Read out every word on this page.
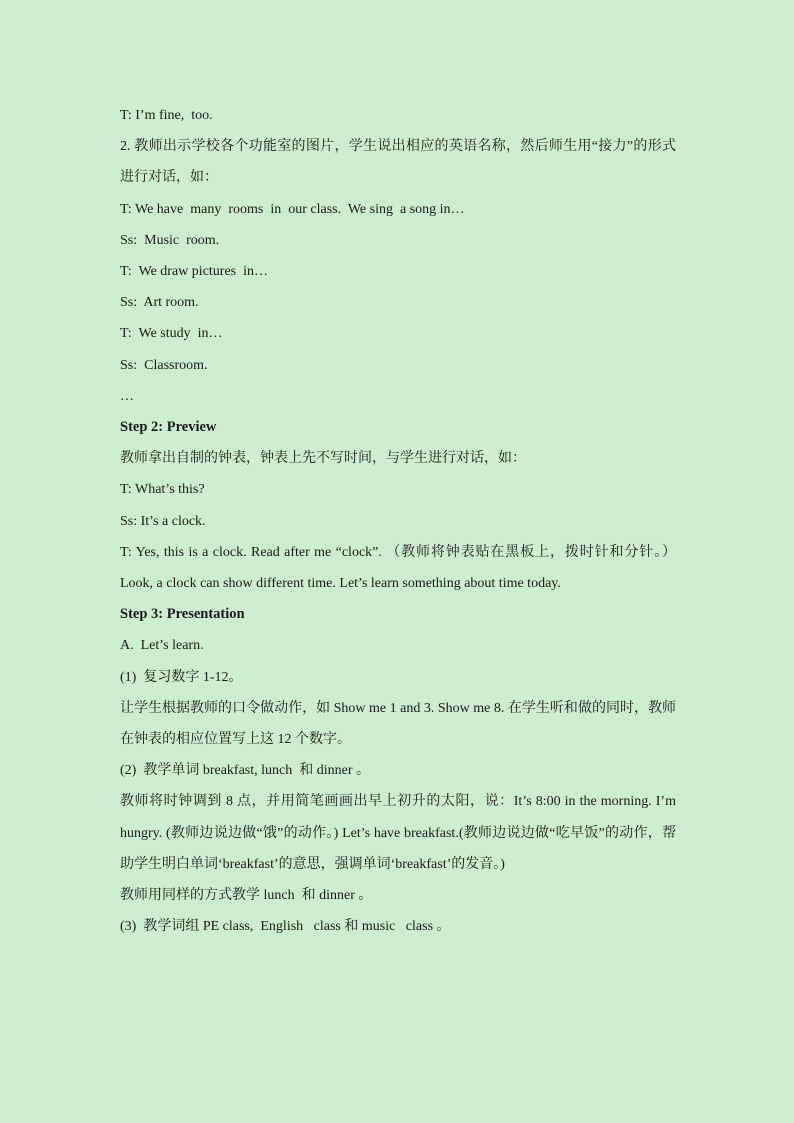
T: I’m fine,  too.

2. 教师出示学校各个功能室的图片，学生说出相应的英语名称，然后师生用“接力”的形式进行对话，如：

T: We have  many  rooms  in  our class.  We sing  a song in…

Ss:  Music  room.

T:  We draw pictures  in…

Ss:  Art room.

T:  We study  in…

Ss:  Classroom.

…

Step 2: Preview

教师拿出自制的钟表，钟表上先不写时间，与学生进行对话，如：

T: What’s this?

Ss: It’s a clock.

T: Yes, this is a clock. Read after me “clock”. （教师将钟表贴在黑板上，拨时针和分针。）Look, a clock can show different time. Let’s learn something about time today.

Step 3: Presentation

A.  Let’s learn.

(1)  复习数字 1-12。

让学生根据教师的口令做动作，如 Show me 1 and 3. Show me 8. 在学生听和做的同时，教师在钟表的相应位置写上这 12 个数字。

(2)  教学单词 breakfast, lunch  和 dinner 。

教师将时钟调到 8 点，并用简笔画画出早上初升的太阳，说：It’s 8:00 in the morning. I’m hungry. (教师边说边做“饿”的动作。) Let’s have breakfast.(教师边说边做“吃早饭”的动作，帮助学生明白单词‘breakfast’的意思，强调单词‘breakfast’的发音。)

教师用同样的方式教学 lunch  和 dinner 。

(3)  教学词组 PE class,  English   class 和 music   class 。
